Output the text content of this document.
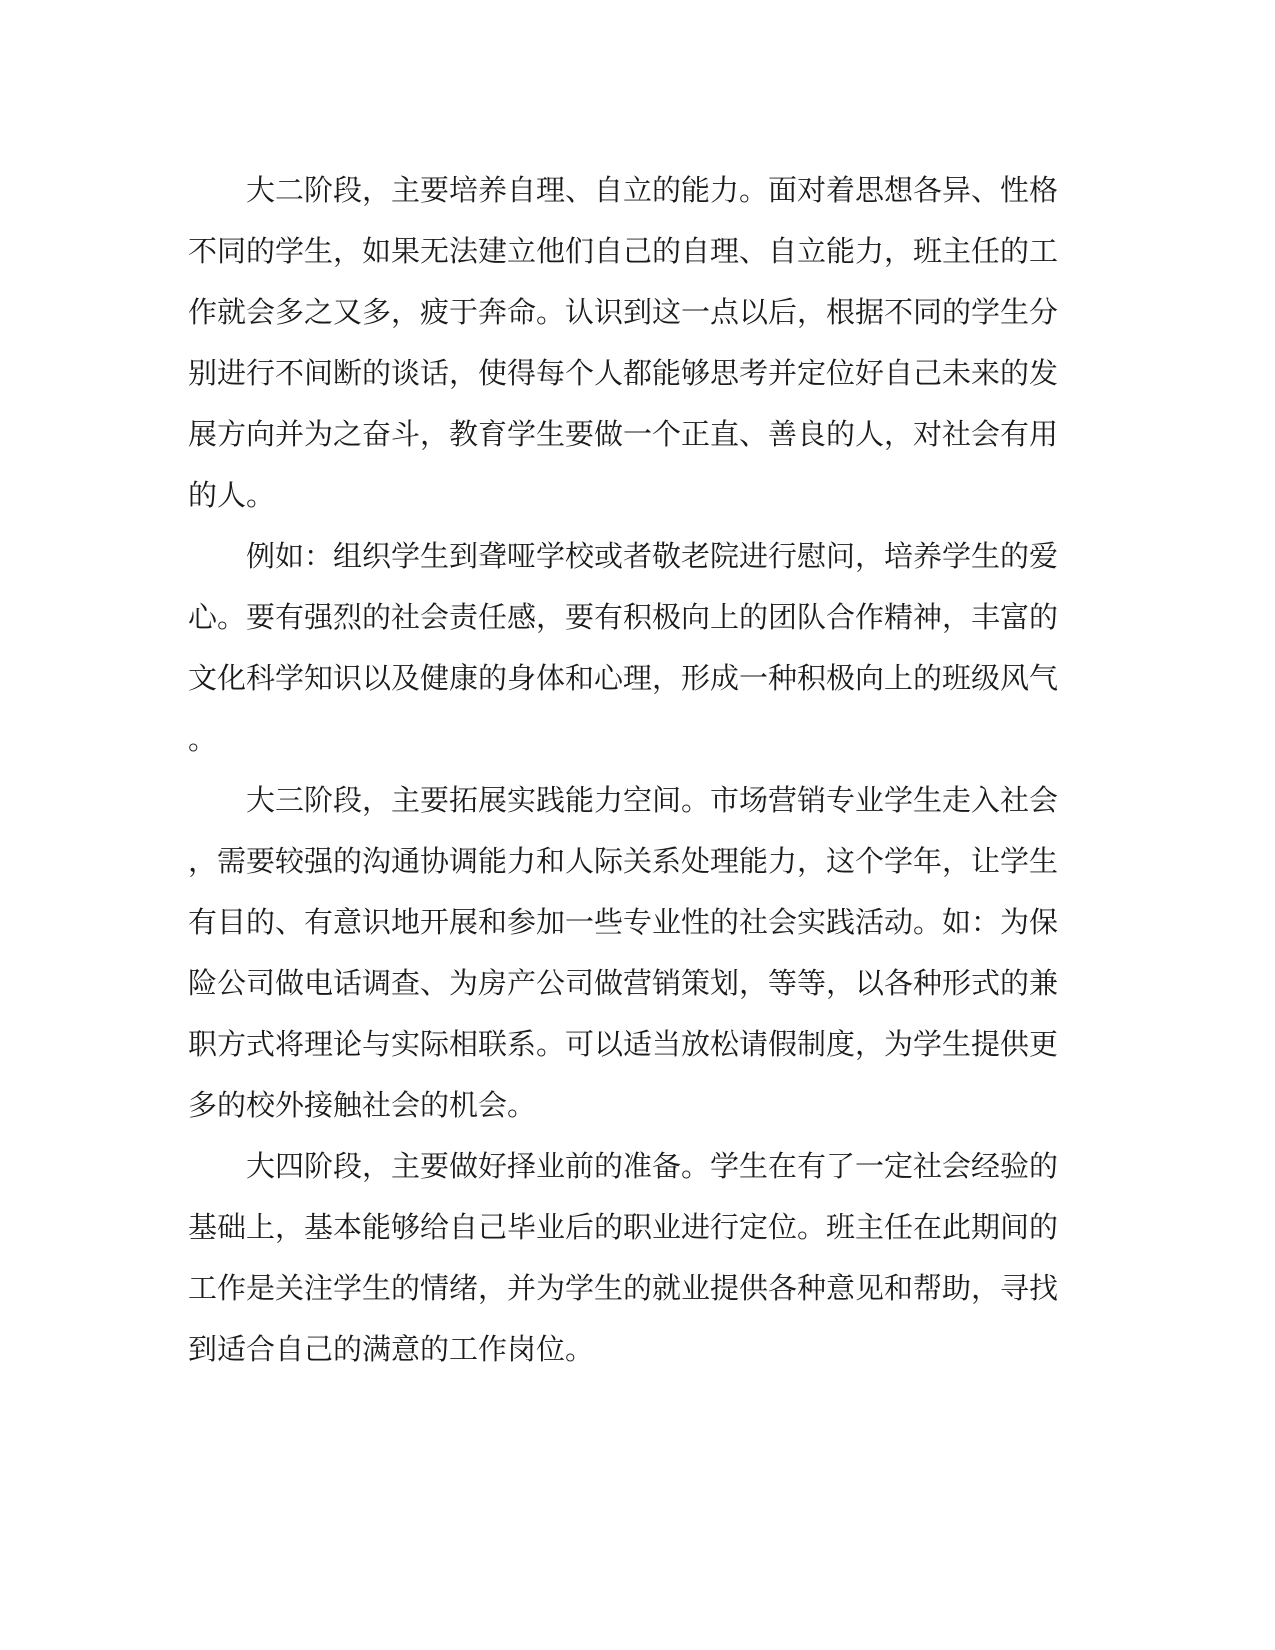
　　大二阶段，主要培养自理、自立的能力。面对着思想各异、性格
不同的学生，如果无法建立他们自己的自理、自立能力，班主任的工
作就会多之又多，疲于奔命。认识到这一点以后，根据不同的学生分
别进行不间断的谈话，使得每个人都能够思考并定位好自己未来的发
展方向并为之奋斗，教育学生要做一个正直、善良的人，对社会有用
的人。
　　例如：组织学生到聋哑学校或者敬老院进行慰问，培养学生的爱
心。要有强烈的社会责任感，要有积极向上的团队合作精神，丰富的
文化科学知识以及健康的身体和心理，形成一种积极向上的班级风气
。
　　大三阶段，主要拓展实践能力空间。市场营销专业学生走入社会
，需要较强的沟通协调能力和人际关系处理能力，这个学年，让学生
有目的、有意识地开展和参加一些专业性的社会实践活动。如：为保
险公司做电话调查、为房产公司做营销策划，等等，以各种形式的兼
职方式将理论与实际相联系。可以适当放松请假制度，为学生提供更
多的校外接触社会的机会。
　　大四阶段，主要做好择业前的准备。学生在有了一定社会经验的
基础上，基本能够给自己毕业后的职业进行定位。班主任在此期间的
工作是关注学生的情绪，并为学生的就业提供各种意见和帮助，寻找
到适合自己的满意的工作岗位。
